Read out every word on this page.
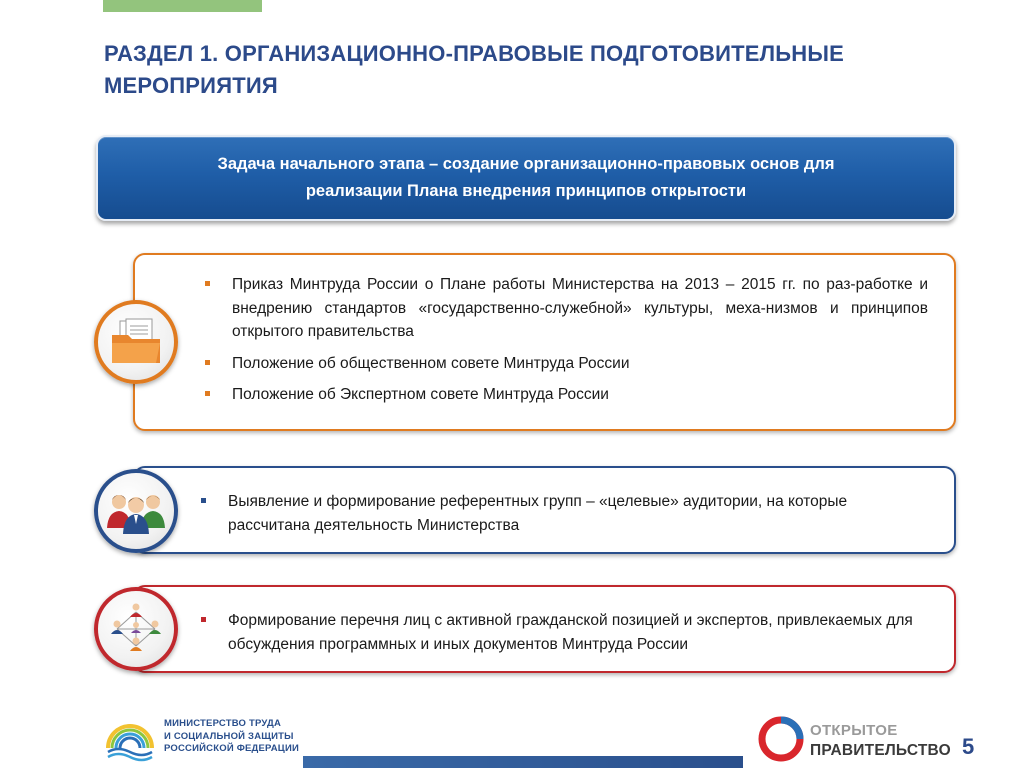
РАЗДЕЛ 1. ОРГАНИЗАЦИОННО-ПРАВОВЫЕ ПОДГОТОВИТЕЛЬНЫЕ МЕРОПРИЯТИЯ
Задача начального этапа – создание организационно-правовых основ для реализации Плана внедрения принципов открытости
Приказ Минтруда России о Плане работы Министерства на 2013 – 2015 гг. по раз-работке и внедрению стандартов «государственно-служебной» культуры, меха-низмов и принципов открытого правительства
Положение об общественном совете Минтруда России
Положение об Экспертном совете Минтруда России
Выявление и формирование референтных групп – «целевые» аудитории, на которые рассчитана деятельность Министерства
Формирование перечня лиц с активной гражданской позицией и экспертов, привлекаемых для обсуждения программных и иных документов Минтруда России
МИНИСТЕРСТВО ТРУДА
И СОЦИАЛЬНОЙ ЗАЩИТЫ
РОССИЙСКОЙ ФЕДЕРАЦИИ
ОТКРЫТОЕ
ПРАВИТЕЛЬСТВО 5
